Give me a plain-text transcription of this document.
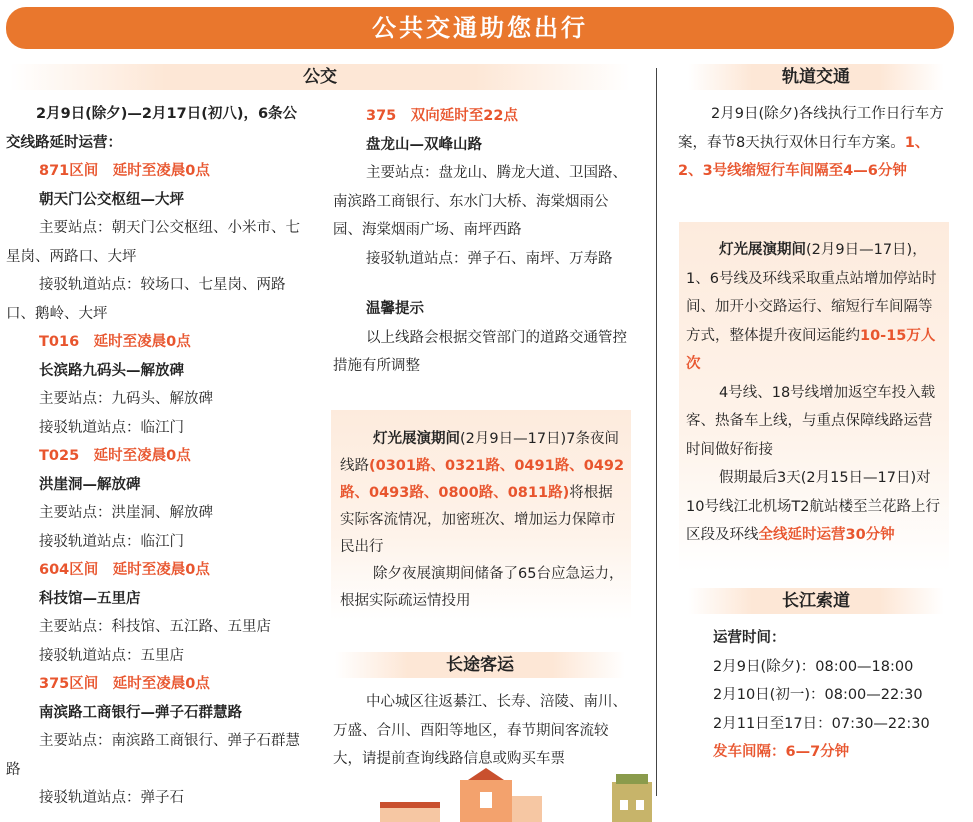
公共交通助您出行
公交

2月9日(除夕)—2月17日(初八)，6条公交线路延时运营：

871区间　延时至凌晨0点

朝天门公交枢纽—大坪

主要站点：朝天门公交枢纽、小米市、七星岗、两路口、大坪

接驳轨道站点：较场口、七星岗、两路口、鹅岭、大坪

T016　延时至凌晨0点

长滨路九码头—解放碑

主要站点：九码头、解放碑

接驳轨道站点：临江门

T025　延时至凌晨0点

洪崖洞—解放碑

主要站点：洪崖洞、解放碑

接驳轨道站点：临江门

604区间　延时至凌晨0点

科技馆—五里店

主要站点：科技馆、五江路、五里店

接驳轨道站点：五里店

375区间　延时至凌晨0点

南滨路工商银行—弹子石群慧路

主要站点：南滨路工商银行、弹子石群慧路

接驳轨道站点：弹子石

375　双向延时至22点

盘龙山—双峰山路

主要站点：盘龙山、腾龙大道、卫国路、南滨路工商银行、东水门大桥、海棠烟雨公园、海棠烟雨广场、南坪西路

接驳轨道站点：弹子石、南坪、万寿路

温馨提示

以上线路会根据交管部门的道路交通管控措施有所调整

灯光展演期间(2月9日—17日)7条夜间线路(0301路、0321路、0491路、0492路、0493路、0800路、0811路)将根据实际客流情况，加密班次、增加运力保障市民出行

除夕夜展演期间储备了65台应急运力，根据实际疏运情投用

长途客运

中心城区往返綦江、长寿、涪陵、南川、万盛、合川、酉阳等地区，春节期间客流较大，请提前查询线路信息或购买车票

轨道交通

2月9日(除夕)各线执行工作日行车方案，春节8天执行双休日行车方案。1、2、3号线缩短行车间隔至4—6分钟

灯光展演期间(2月9日—17日)，1、6号线及环线采取重点站增加停站时间、加开小交路运行、缩短行车间隔等方式，整体提升夜间运能约10-15万人次

4号线、18号线增加返空车投入载客、热备车上线，与重点保障线路运营时间做好衔接

假期最后3天(2月15日—17日)对10号线江北机场T2航站楼至兰花路上行区段及环线全线延时运营30分钟

长江索道

运营时间：

2月9日(除夕)：08:00—18:00

2月10日(初一)：08:00—22:30

2月11日至17日：07:30—22:30

发车间隔：6—7分钟
